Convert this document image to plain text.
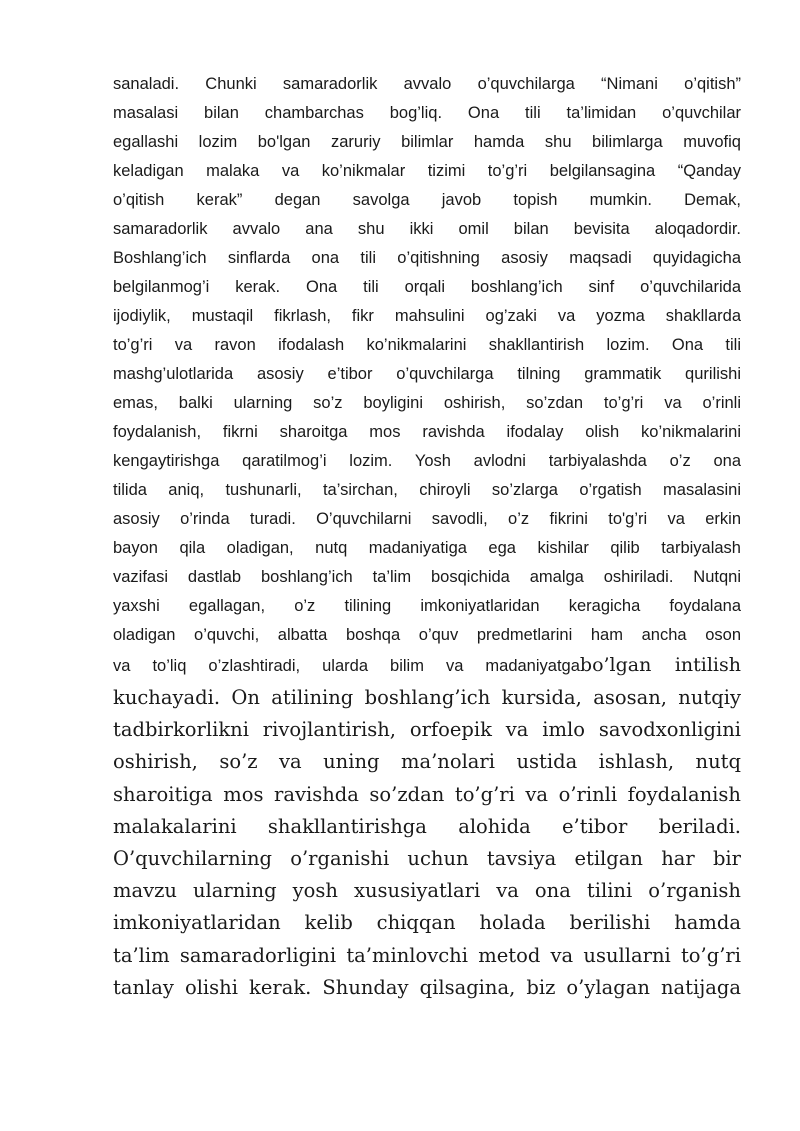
sanaladi. Chunki samaradorlik avvalo o’quvchilarga “Nimani o’qitish”
masalasi bilan chambarchas bog’liq. Ona tili ta’limidan o’quvchilar
egallashi lozim bo'lgan zaruriy bilimlar hamda shu bilimlarga muvofiq
keladigan malaka va ko’nikmalar tizimi to’g’ri belgilansagina “Qanday
o’qitish kerak” degan savolga javob topish mumkin. Demak,
samaradorlik avvalo ana shu ikki omil bilan bevisita aloqadordir.
Boshlang’ich sinflarda ona tili o’qitishning asosiy maqsadi quyidagicha
belgilanmog’i kerak. Ona tili orqali boshlang’ich sinf o’quvchilarida
ijodiylik, mustaqil fikrlash, fikr mahsulini og’zaki va yozma shakllarda
to’g’ri va ravon ifodalash ko’nikmalarini shakllantirish lozim. Ona tili
mashg’ulotlarida asosiy e’tibor o’quvchilarga tilning grammatik qurilishi
emas, balki ularning so’z boyligini oshirish, so’zdan to’g’ri va o’rinli
foydalanish, fikrni sharoitga mos ravishda ifodalay olish ko’nikmalarini
kengaytirishga qaratilmog’i lozim. Yosh avlodni tarbiyalashda o’z ona
tilida aniq, tushunarli, ta’sirchan, chiroyli so’zlarga o’rgatish masalasini
asosiy o’rinda turadi. O’quvchilarni savodli, o’z fikrini to'g’ri va erkin
bayon qila oladigan, nutq madaniyatiga ega kishilar qilib tarbiyalash
vazifasi dastlab boshlang’ich ta’lim bosqichida amalga oshiriladi. Nutqni
yaxshi egallagan, o’z tilining imkoniyatlaridan keragicha foydalana
oladigan o’quvchi, albatta boshqa o’quv predmetlarini ham ancha oson
va to’liq o’zlashtiradi, ularda bilim va madaniyatgabo’lgan intilish
kuchayadi. On atilining boshlang’ich kursida, asosan, nutqiy
tadbirkorlikni rivojlantirish, orfoepik va imlo savodxonligini
oshirish, so’z va uning ma’nolari ustida ishlash, nutq
sharoitiga mos ravishda so’zdan to’g’ri va o’rinli foydalanish
malakalarini shakllantirishga alohida e’tibor beriladi.
O’quvchilarning o’rganishi uchun tavsiya etilgan har bir
mavzu ularning yosh xususiyatlari va ona tilini o’rganish
imkoniyatlaridan kelib chiqqan holada berilishi hamda
ta’lim samaradorligini ta’minlovchi metod va usullarni to’g’ri
tanlay olishi kerak. Shunday qilsagina, biz o’ylagan natijaga
